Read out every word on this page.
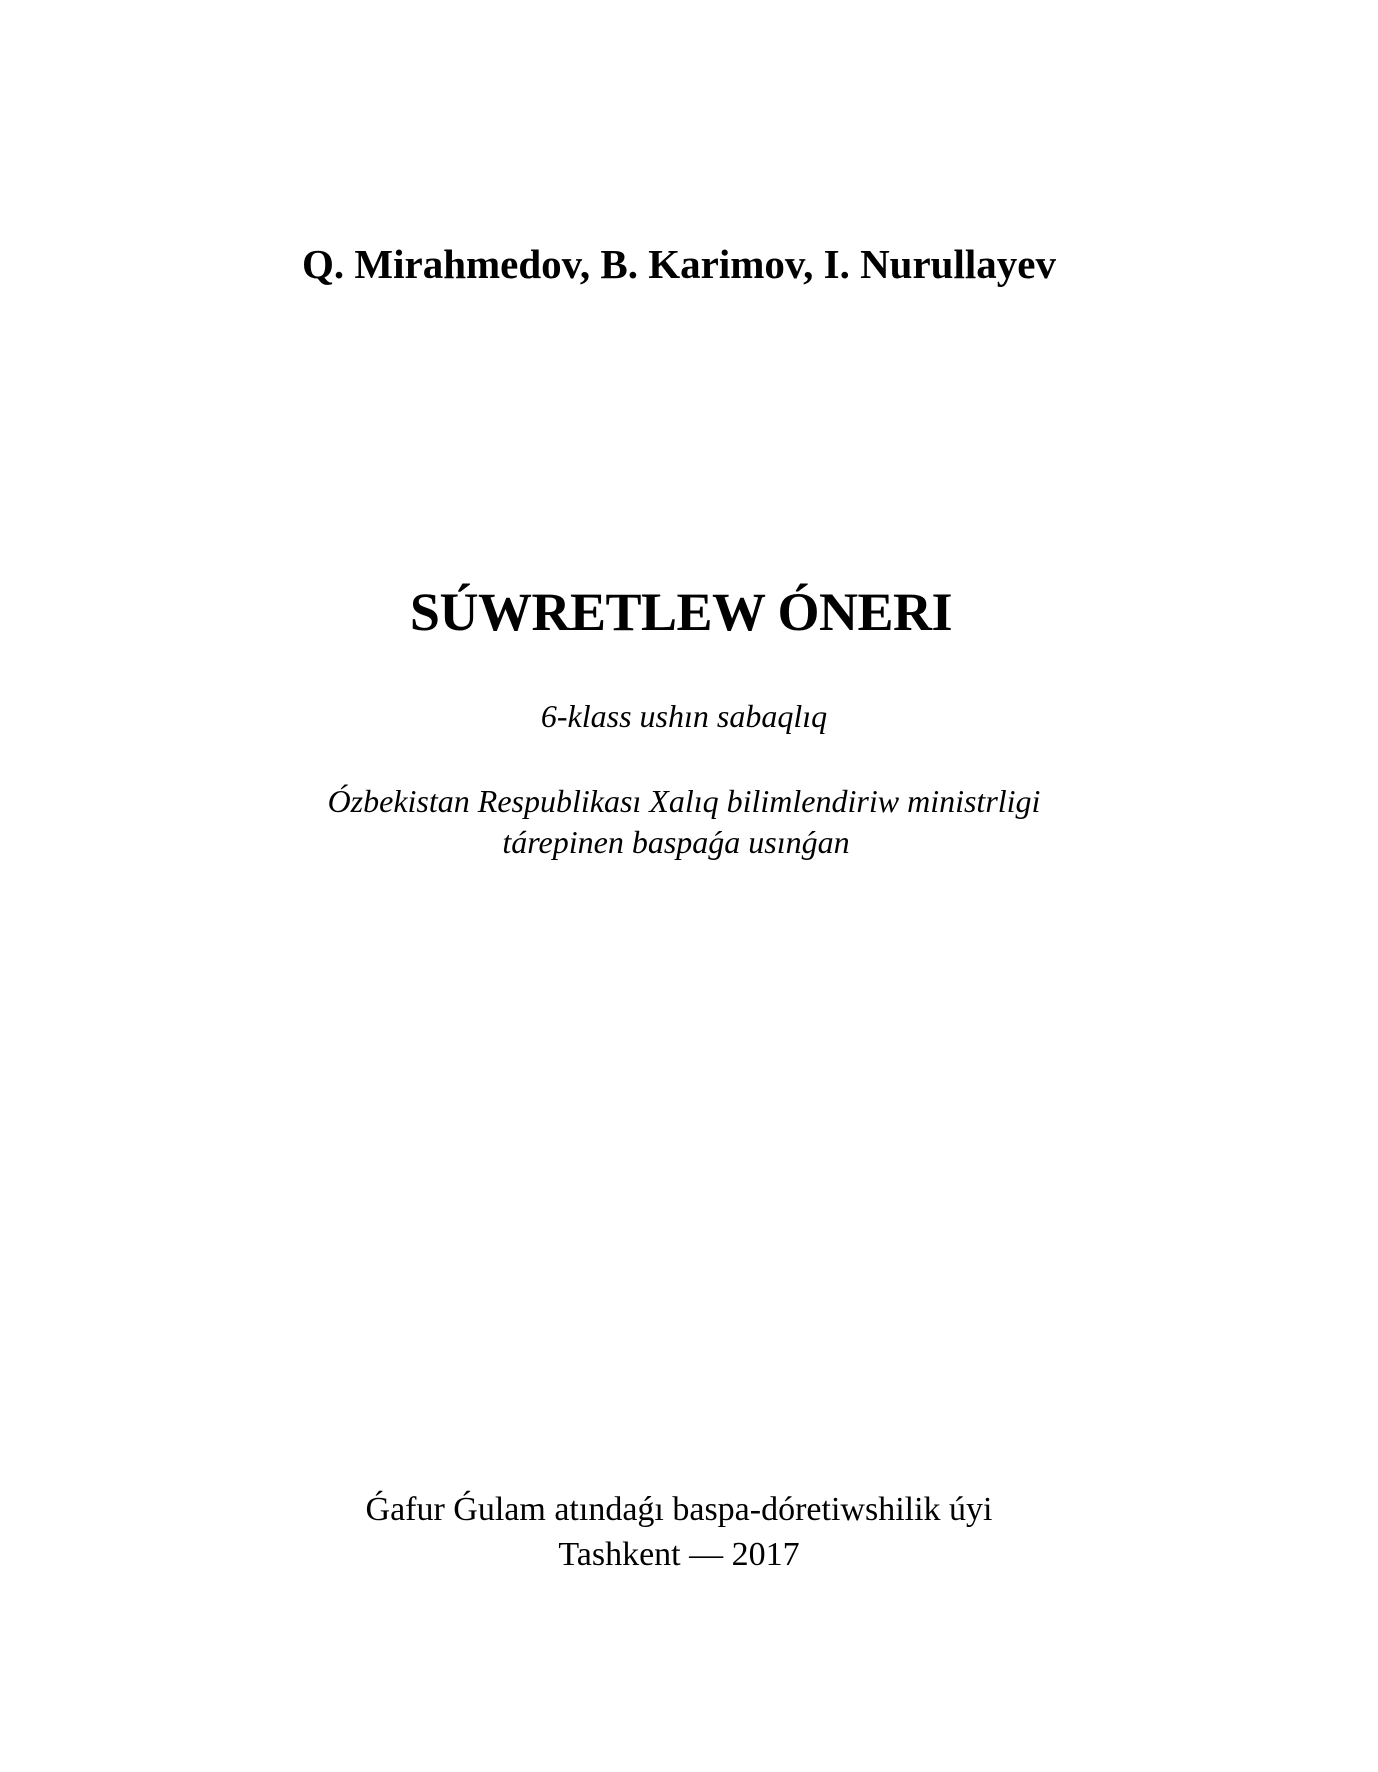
Q. Mirahmedov, B. Karimov, I. Nurullayev
SÚWRETLEW ÓNERI
6-klass ushın sabaqlıq
Ózbekistan Respublikası Xalıq bilimlendiriw ministrligi
tárepinen baspaǵa usınǵan
Ǵafur Ǵulam atındaǵı baspa-dóretiwshilik úyi
Tashkent — 2017
